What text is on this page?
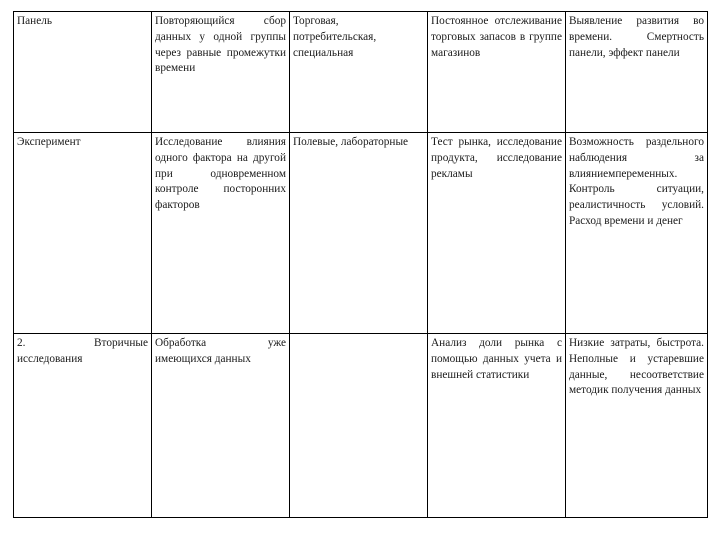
Панель	Повторяющийся сбор данных у одной группы через равные промежутки времени	Торговая, потребительская, специальная	Постоянное отслеживание торговых запасов в группе магазинов	Выявление развития во времени. Смертность панели, эффект панели

Эксперимент	Исследование влияния одного фактора на другой при одновременном контроле посторонних факторов	Полевые, лабораторные	Тест рынка, исследование продукта, исследование рекламы	Возможность раздельного наблюдения за влияниемпеременных. Контроль ситуации, реалистичность условий. Расход времени и денег

2. Вторичные исследования	Обработка уже имеющихся данных		Анализ доли рынка с помощью данных учета и внешней статистики	Низкие затраты, быстрота. Неполные и устаревшие данные, несоответствие методик получения данных
